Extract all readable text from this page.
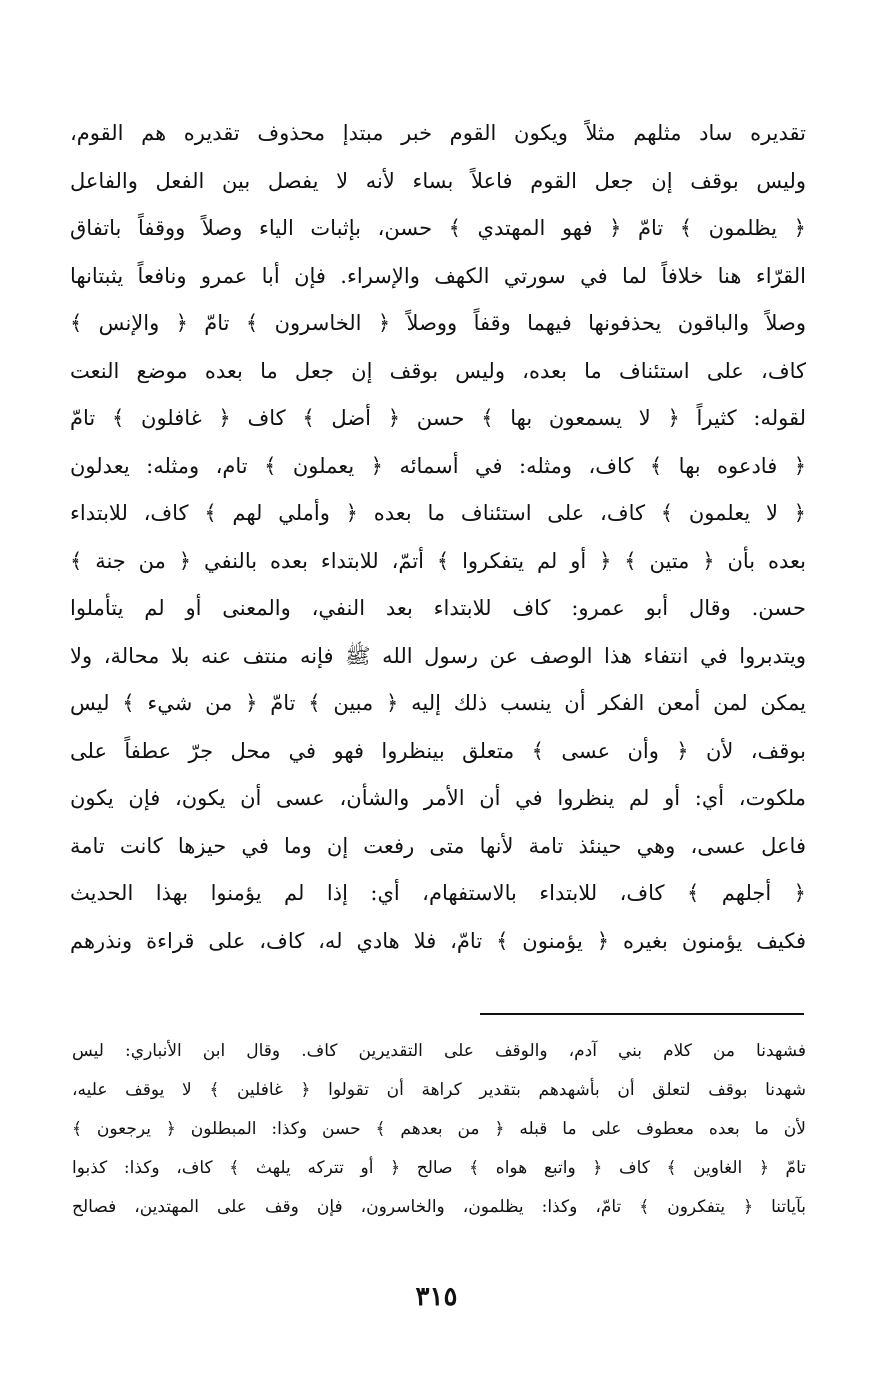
تقديره ساد مثلهم مثلاً ويكون القوم خبر مبتدإ محذوف تقديره هم القوم،
وليس بوقف إن جعل القوم فاعلاً بساء لأنه لا يفصل بين الفعل والفاعل
﴿ يظلمون ﴾ تامّ ﴿ فهو المهتدي ﴾ حسن، بإثبات الياء وصلاً ووقفاً باتفاق
القرّاء هنا خلافاً لما في سورتي الكهف والإسراء. فإن أبا عمرو ونافعاً يثبتانها
وصلاً والباقون يحذفونها فيهما وقفاً ووصلاً ﴿ الخاسرون ﴾ تامّ ﴿ والإنس ﴾
كاف، على استئناف ما بعده، وليس بوقف إن جعل ما بعده موضع النعت
لقوله: كثيراً ﴿ لا يسمعون بها ﴾ حسن ﴿ أضل ﴾ كاف ﴿ غافلون ﴾ تامّ
﴿ فادعوه بها ﴾ كاف، ومثله: في أسمائه ﴿ يعملون ﴾ تام، ومثله: يعدلون
﴿ لا يعلمون ﴾ كاف، على استئناف ما بعده ﴿ وأملي لهم ﴾ كاف، للابتداء
بعده بأن ﴿ متين ﴾ ﴿ أو لم يتفكروا ﴾ أتمّ، للابتداء بعده بالنفي ﴿ من جنة ﴾
حسن. وقال أبو عمرو: كاف للابتداء بعد النفي، والمعنى أو لم يتأملوا
ويتدبروا في انتفاء هذا الوصف عن رسول الله ﷺ فإنه منتف عنه بلا محالة، ولا
يمكن لمن أمعن الفكر أن ينسب ذلك إليه ﴿ مبين ﴾ تامّ ﴿ من شيء ﴾ ليس
بوقف، لأن ﴿ وأن عسى ﴾ متعلق بينظروا فهو في محل جرّ عطفاً على
ملكوت، أي: أو لم ينظروا في أن الأمر والشأن، عسى أن يكون، فإن يكون
فاعل عسى، وهي حينئذ تامة لأنها متى رفعت إن وما في حيزها كانت تامة
﴿ أجلهم ﴾ كاف، للابتداء بالاستفهام، أي: إذا لم يؤمنوا بهذا الحديث
فكيف يؤمنون بغيره ﴿ يؤمنون ﴾ تامّ، فلا هادي له، كاف، على قراءة ونذرهم
فشهدنا من كلام بني آدم، والوقف على التقديرين كاف. وقال ابن الأنباري: ليس
شهدنا بوقف لتعلق أن بأشهدهم بتقدير كراهة أن تقولوا ﴿ غافلين ﴾ لا يوقف عليه،
لأن ما بعده معطوف على ما قبله ﴿ من بعدهم ﴾ حسن وكذا: المبطلون ﴿ يرجعون ﴾
تامّ ﴿ الغاوين ﴾ كاف ﴿ واتبع هواه ﴾ صالح ﴿ أو تتركه يلهث ﴾ كاف، وكذا: كذبوا
بآياتنا ﴿ يتفكرون ﴾ تامّ، وكذا: يظلمون، والخاسرون، فإن وقف على المهتدين، فصالح
٣١٥
